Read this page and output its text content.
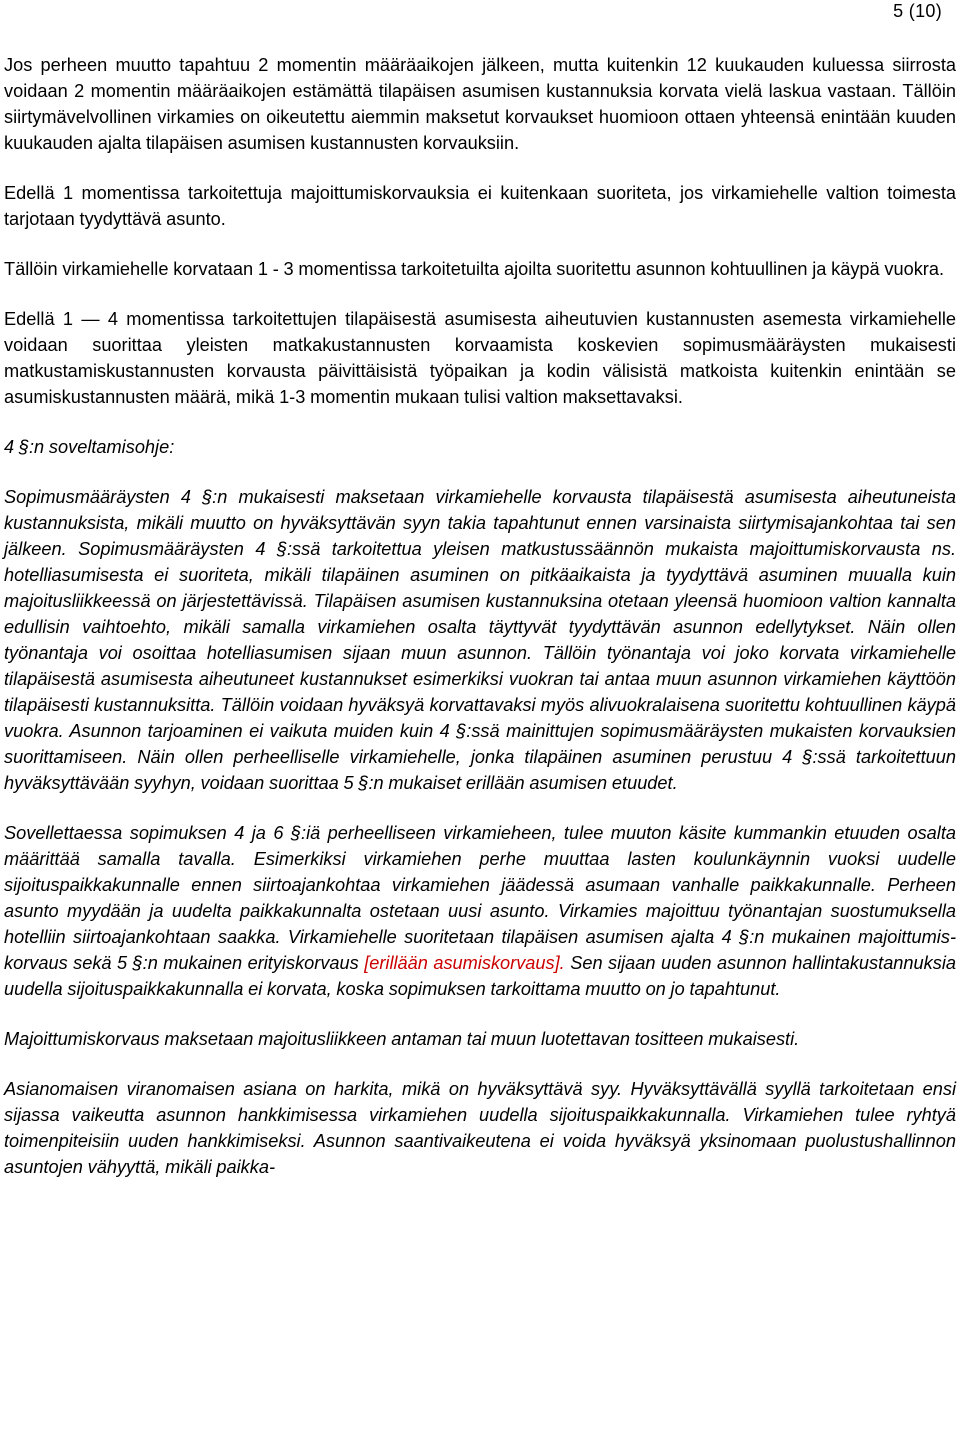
5 (10)

Jos perheen muutto tapahtuu 2 momentin määräaikojen jälkeen, mutta kuitenkin 12 kuukauden kuluessa siirrosta voidaan 2 momentin määräaikojen estämättä tilapäisen asumisen kustannuksia korvata vielä laskua vastaan. Tällöin siirtymävelvollinen virkamies on oikeutettu aiemmin maksetut korvaukset huomioon ottaen yhteensä enintään kuuden kuukauden ajalta tilapäisen asumisen kustannusten korvauksiin.

Edellä 1 momentissa tarkoitettuja majoittumiskorvauksia ei kuitenkaan suoriteta, jos virkamiehelle valtion toimesta tarjotaan tyydyttävä asunto.

Tällöin virkamiehelle korvataan 1 - 3 momentissa tarkoitetuilta ajoilta suoritettu asunnon kohtuullinen ja käypä vuokra.

Edellä 1 — 4 momentissa tarkoitettujen tilapäisestä asumisesta aiheutuvien kustannusten asemesta virkamiehelle voidaan suorittaa yleisten matkakustannusten korvaamista koskevien sopimusmääräysten mukaisesti matkustamiskustannusten korvausta päivittäisistä työpaikan ja kodin välisistä matkoista kuitenkin enintään se asumiskustannusten määrä, mikä 1-3 momentin mukaan tulisi valtion maksettavaksi.

4 §:n soveltamisohje:

Sopimusmääräysten 4 §:n mukaisesti maksetaan virkamiehelle korvausta tilapäisestä asumisesta aiheutuneista kustannuksista, mikäli muutto on hyväksyttävän syyn takia tapahtunut ennen varsinaista siirtymisajankohtaa tai sen jälkeen. Sopimusmääräysten 4 §:ssä tarkoitettua yleisen matkustussäännön mukaista majoittumiskorvausta ns. hotelliasumisesta ei suoriteta, mikäli tilapäinen asuminen on pitkäaikaista ja tyydyttävä asuminen muualla kuin majoitusliikkeessä on järjestettävissä. Tilapäisen asumisen kustannuksina otetaan yleensä huomioon valtion kannalta edullisin vaihtoehto, mikäli samalla virkamiehen osalta täyttyvät tyydyttävän asunnon edellytykset. Näin ollen työnantaja voi osoittaa hotelliasumisen sijaan muun asunnon. Tällöin työnantaja voi joko korvata virkamiehelle tilapäisestä asumisesta aiheutuneet kustannukset esimerkiksi vuokran tai antaa muun asunnon virkamiehen käyttöön tilapäisesti kustannuksitta. Tällöin voidaan hyväksyä korvattavaksi myös alivuokralaisena suoritettu kohtuullinen käypä vuokra. Asunnon tarjoaminen ei vaikuta muiden kuin 4 §:ssä mainittujen sopimusmääräysten mukaisten korvauksien suorittamiseen. Näin ollen perheelliselle virkamiehelle, jonka tilapäinen asuminen perustuu 4 §:ssä tarkoitettuun hyväksyttävään syyhyn, voidaan suorittaa 5 §:n mukaiset erillään asumisen etuudet.

Sovellettaessa sopimuksen 4 ja 6 §:iä perheelliseen virkamieheen, tulee muuton käsite kummankin etuuden osalta määrittää samalla tavalla. Esimerkiksi virkamiehen perhe muuttaa lasten koulunkäynnin vuoksi uudelle sijoituspaikkakunnalle ennen siirtoajankohtaa virkamiehen jäädessä asumaan vanhalle paikkakunnalle. Perheen asunto myydään ja uudelta paikkakunnalta ostetaan uusi asunto. Virkamies majoittuu työnantajan suostumuksella hotelliin siirtoajankohtaan saakka. Virkamiehelle suoritetaan tilapäisen asumisen ajalta 4 §:n mukainen majoittumiskorvaus sekä 5 §:n mukainen erityiskorvaus [erillään asumiskorvaus]. Sen sijaan uuden asunnon hallintakustannuksia uudella sijoituspaikkakunnalla ei korvata, koska sopimuksen tarkoittama muutto on jo tapahtunut.

Majoittumiskorvaus maksetaan majoitusliikkeen antaman tai muun luotettavan tositteen mukaisesti.

Asianomaisen viranomaisen asiana on harkita, mikä on hyväksyttävä syy. Hyväksyttävällä syyllä tarkoitetaan ensi sijassa vaikeutta asunnon hankkimisessa virkamiehen uudella sijoituspaikkakunnalla. Virkamiehen tulee ryhtyä toimenpiteisiin uuden hankkimiseksi. Asunnon saantivaikeutena ei voida hyväksyä yksinomaan puolustushallinnon asuntojen vähyyttä, mikäli paikka-
